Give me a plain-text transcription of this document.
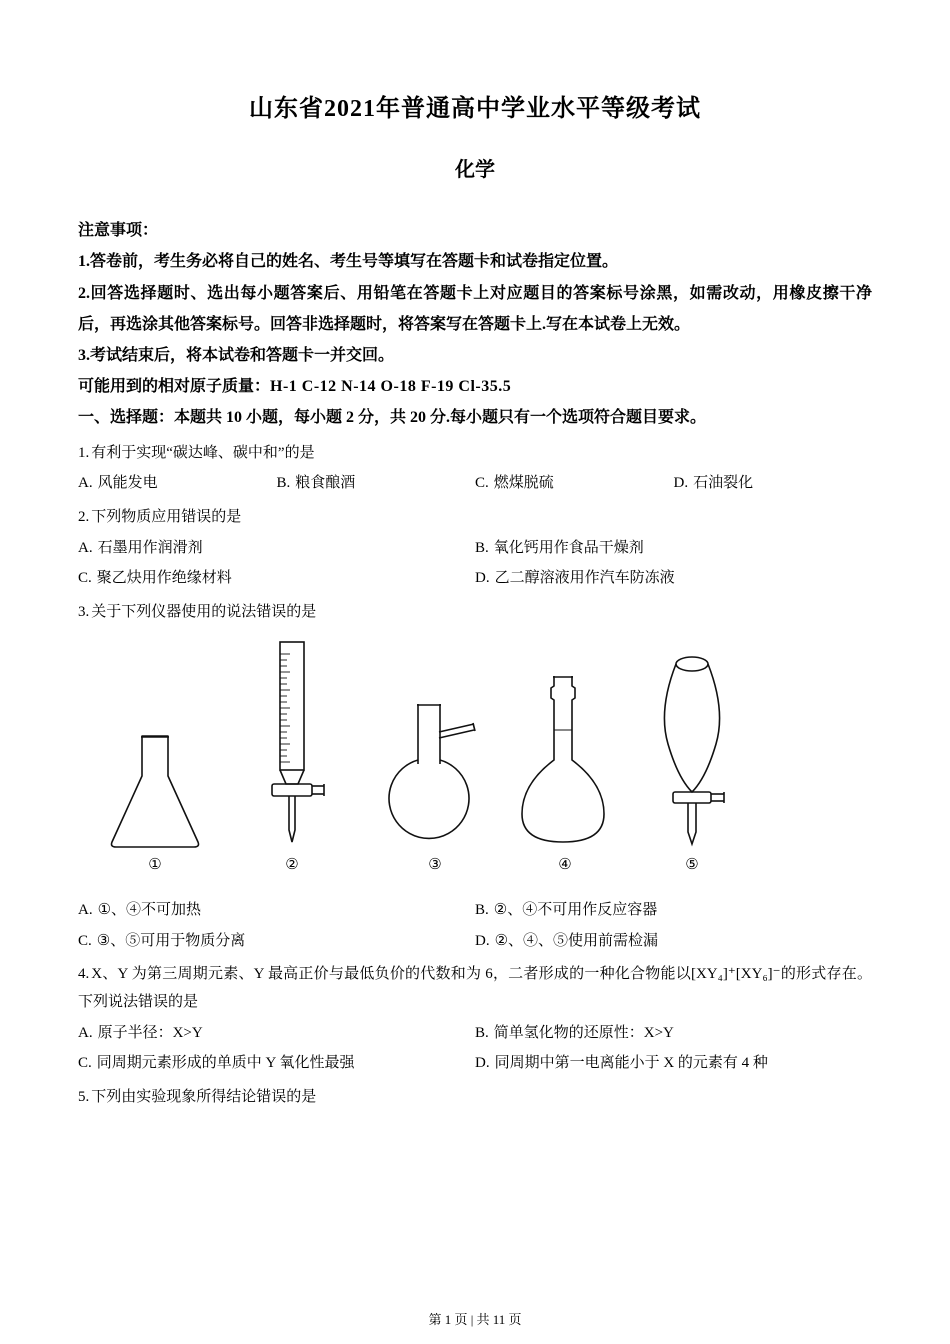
山东省2021年普通高中学业水平等级考试
化学
注意事项：
1.答卷前，考生务必将自己的姓名、考生号等填写在答题卡和试卷指定位置。
2.回答选择题时、选出每小题答案后、用铅笔在答题卡上对应题目的答案标号涂黑，如需改动，用橡皮擦干净后，再选涂其他答案标号。回答非选择题时，将答案写在答题卡上.写在本试卷上无效。
3.考试结束后，将本试卷和答题卡一并交回。
可能用到的相对原子质量：H-1 C-12 N-14 O-18 F-19 Cl-35.5
一、选择题：本题共 10 小题，每小题 2 分，共 20 分.每小题只有一个选项符合题目要求。
1. 有利于实现“碳达峰、碳中和”的是
A. 风能发电	B. 粮食酿酒	C. 燃煤脱硫	D. 石油裂化
2. 下列物质应用错误的是
A. 石墨用作润滑剂	B. 氧化钙用作食品干燥剂
C. 聚乙炔用作绝缘材料	D. 乙二醇溶液用作汽车防冻液
3. 关于下列仪器使用的说法错误的是
①	②	③	④	⑤
A. ①、④不可加热	B. ②、④不可用作反应容器
C. ③、⑤可用于物质分离	D. ②、④、⑤使用前需检漏
4. X、Y 为第三周期元素、Y 最高正价与最低负价的代数和为 6，二者形成的一种化合物能以[XY₄]⁺[XY₆]⁻的形式存在。下列说法错误的是
A. 原子半径：X>Y	B. 简单氢化物的还原性：X>Y
C. 同周期元素形成的单质中 Y 氧化性最强	D. 同周期中第一电离能小于 X 的元素有 4 种
5. 下列由实验现象所得结论错误的是
第 1 页 | 共 11 页
